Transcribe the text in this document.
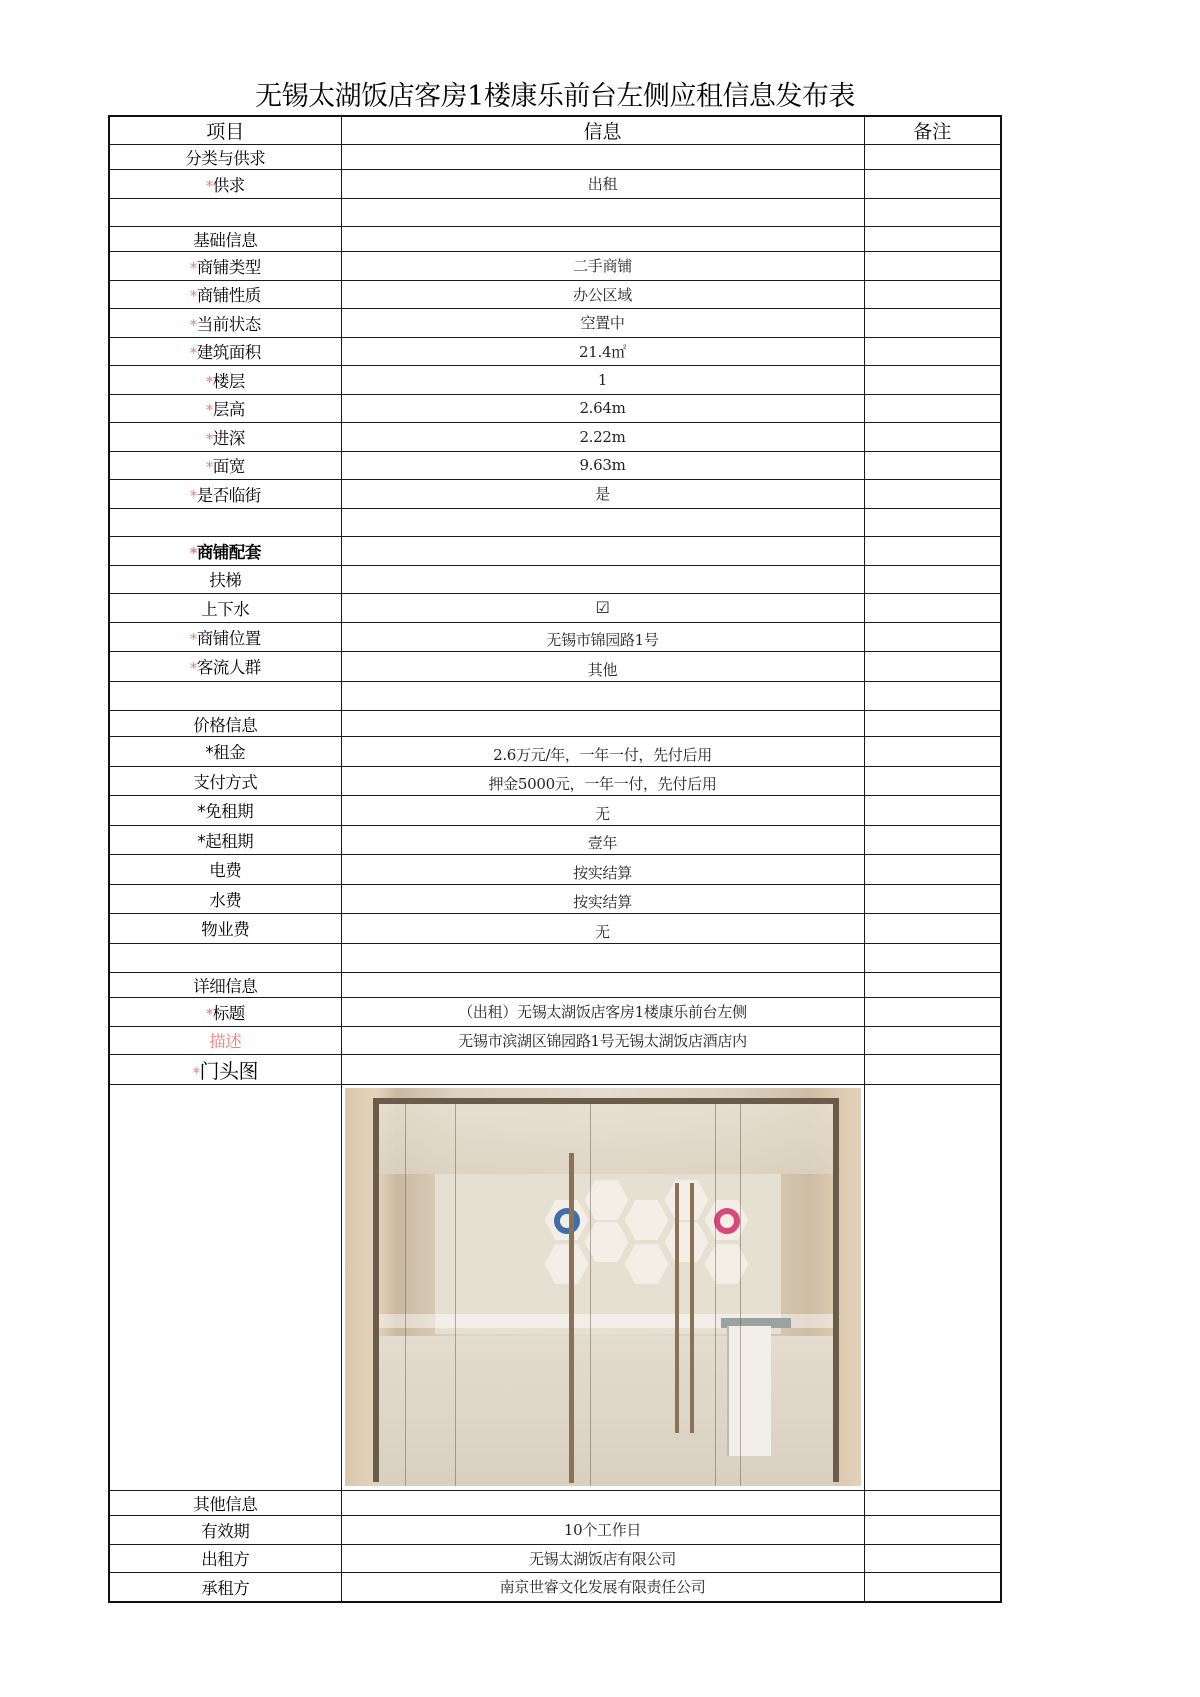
无锡太湖饭店客房1楼康乐前台左侧应租信息发布表
项目	信息	备注
分类与供求		
*供求	出租	

基础信息		
*商铺类型	二手商铺	
*商铺性质	办公区域	
*当前状态	空置中	
*建筑面积	21.4㎡	
*楼层	1	
*层高	2.64m	
*进深	2.22m	
*面宽	9.63m	
*是否临街	是	

*商铺配套		
扶梯		
上下水	☑	
*商铺位置	无锡市锦园路1号	
*客流人群	其他	

价格信息		
*租金	2.6万元/年，一年一付，先付后用	
支付方式	押金5000元，一年一付，先付后用	
*免租期	无	
*起租期	壹年	
电费	按实结算	
水费	按实结算	
物业费	无	

详细信息		
*标题	（出租）无锡太湖饭店客房1楼康乐前台左侧	
描述	无锡市滨湖区锦园路1号无锡太湖饭店酒店内	
*门头图		

其他信息		
有效期	10个工作日	
出租方	无锡太湖饭店有限公司	
承租方	南京世睿文化发展有限责任公司	
